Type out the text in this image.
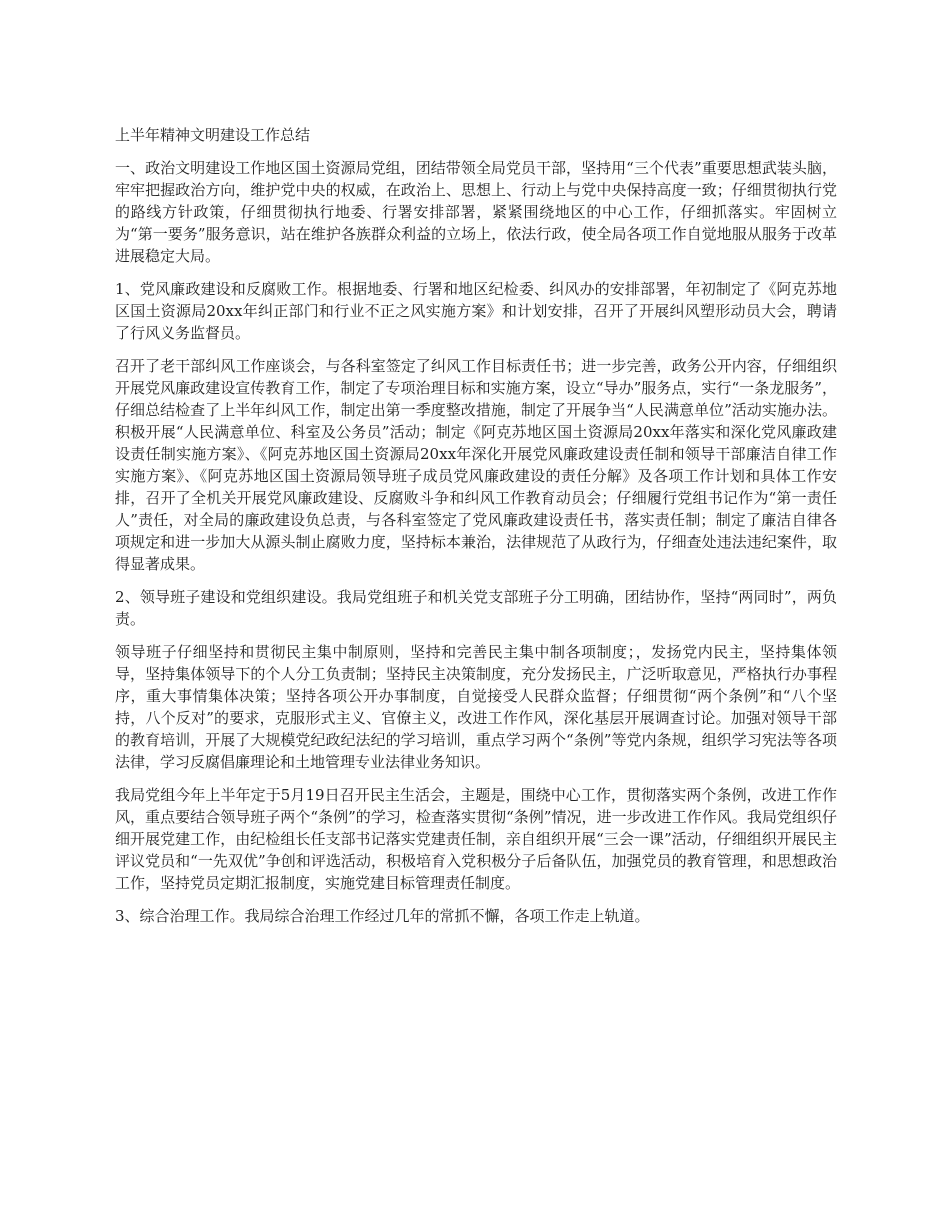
上半年精神文明建设工作总结

一、政治文明建设工作地区国土资源局党组，团结带领全局党员干部，坚持用“三个代表”重要思想武装头脑，牢牢把握政治方向，维护党中央的权威，在政治上、思想上、行动上与党中央保持高度一致；仔细贯彻执行党的路线方针政策，仔细贯彻执行地委、行署安排部署，紧紧围绕地区的中心工作，仔细抓落实。牢固树立为“第一要务”服务意识，站在维护各族群众利益的立场上，依法行政，使全局各项工作自觉地服从服务于改革进展稳定大局。

1、党风廉政建设和反腐败工作。根据地委、行署和地区纪检委、纠风办的安排部署，年初制定了《阿克苏地区国土资源局20xx年纠正部门和行业不正之风实施方案》和计划安排，召开了开展纠风塑形动员大会，聘请了行风义务监督员。

召开了老干部纠风工作座谈会，与各科室签定了纠风工作目标责任书；进一步完善，政务公开内容，仔细组织开展党风廉政建设宣传教育工作，制定了专项治理目标和实施方案，设立“导办”服务点，实行“一条龙服务”，仔细总结检查了上半年纠风工作，制定出第一季度整改措施，制定了开展争当“人民满意单位”活动实施办法。积极开展“人民满意单位、科室及公务员”活动；制定《阿克苏地区国土资源局20xx年落实和深化党风廉政建设责任制实施方案》、《阿克苏地区国土资源局20xx年深化开展党风廉政建设责任制和领导干部廉洁自律工作实施方案》、《阿克苏地区国土资源局领导班子成员党风廉政建设的责任分解》及各项工作计划和具体工作安排，召开了全机关开展党风廉政建设、反腐败斗争和纠风工作教育动员会；仔细履行党组书记作为“第一责任人”责任，对全局的廉政建设负总责，与各科室签定了党风廉政建设责任书，落实责任制；制定了廉洁自律各项规定和进一步加大从源头制止腐败力度，坚持标本兼治，法律规范了从政行为，仔细查处违法违纪案件，取得显著成果。

2、领导班子建设和党组织建设。我局党组班子和机关党支部班子分工明确，团结协作，坚持“两同时”，两负责。

领导班子仔细坚持和贯彻民主集中制原则，坚持和完善民主集中制各项制度；，发扬党内民主，坚持集体领导，坚持集体领导下的个人分工负责制；坚持民主决策制度，充分发扬民主，广泛听取意见，严格执行办事程序，重大事情集体决策；坚持各项公开办事制度，自觉接受人民群众监督；仔细贯彻“两个条例”和“八个坚持，八个反对”的要求，克服形式主义、官僚主义，改进工作作风，深化基层开展调查讨论。加强对领导干部的教育培训，开展了大规模党纪政纪法纪的学习培训，重点学习两个“条例”等党内条规，组织学习宪法等各项法律，学习反腐倡廉理论和土地管理专业法律业务知识。

我局党组今年上半年定于5月19日召开民主生活会，主题是，围绕中心工作，贯彻落实两个条例，改进工作作风，重点要结合领导班子两个“条例”的学习，检查落实贯彻“条例”情况，进一步改进工作作风。我局党组织仔细开展党建工作，由纪检组长任支部书记落实党建责任制，亲自组织开展“三会一课”活动，仔细组织开展民主评议党员和“一先双优”争创和评选活动，积极培育入党积极分子后备队伍，加强党员的教育管理，和思想政治工作，坚持党员定期汇报制度，实施党建目标管理责任制度。

3、综合治理工作。我局综合治理工作经过几年的常抓不懈，各项工作走上轨道。
